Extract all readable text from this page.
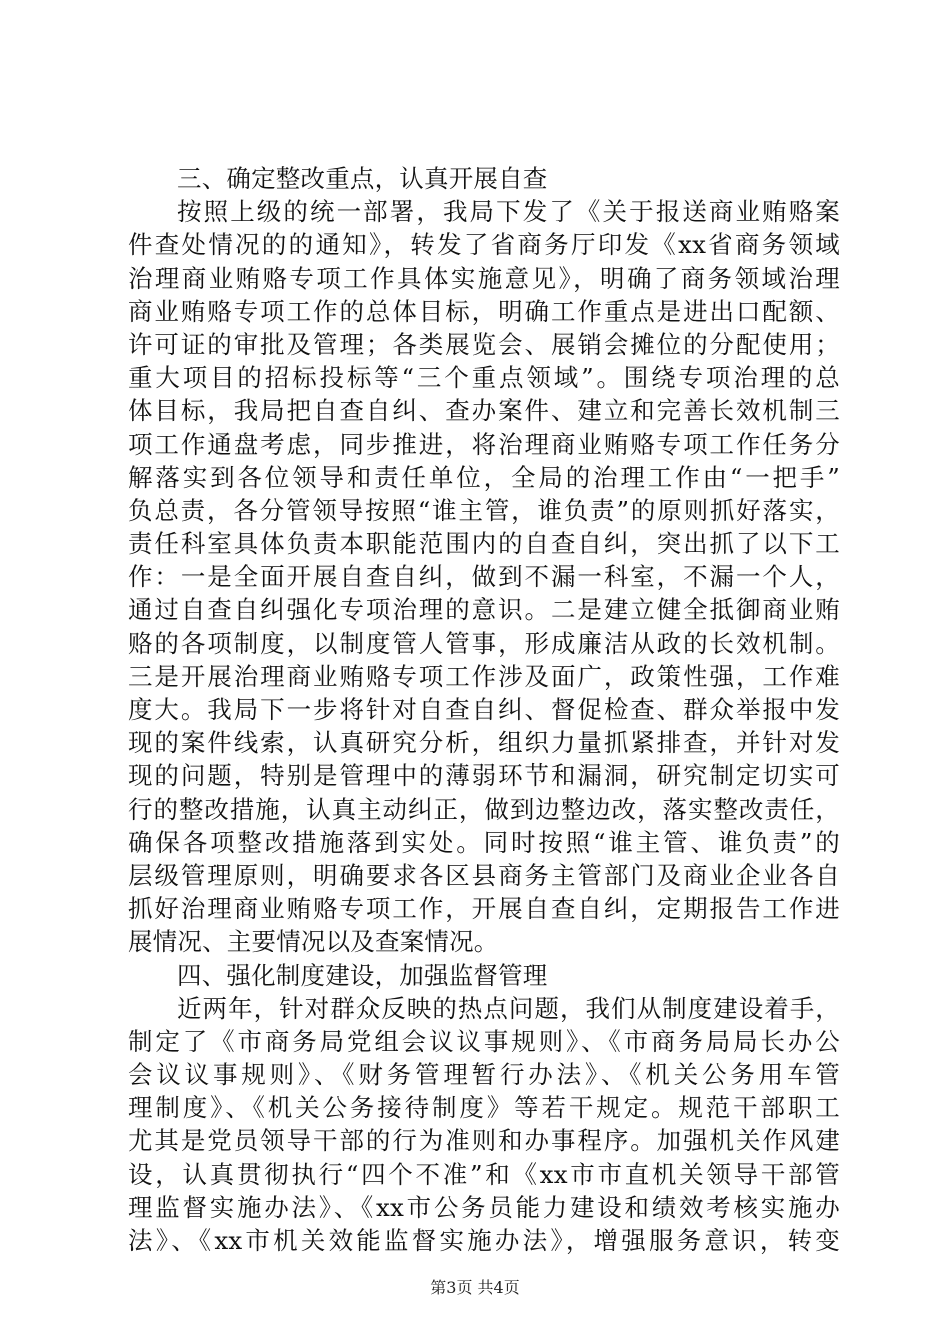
三、确定整改重点，认真开展自查
按照上级的统一部署，我局下发了《关于报送商业贿赂案
件查处情况的的通知》，转发了省商务厅印发《xx省商务领域
治理商业贿赂专项工作具体实施意见》，明确了商务领域治理
商业贿赂专项工作的总体目标，明确工作重点是进出口配额、
许可证的审批及管理；各类展览会、展销会摊位的分配使用；
重大项目的招标投标等“三个重点领域”。围绕专项治理的总
体目标，我局把自查自纠、查办案件、建立和完善长效机制三
项工作通盘考虑，同步推进，将治理商业贿赂专项工作任务分
解落实到各位领导和责任单位，全局的治理工作由“一把手”
负总责，各分管领导按照“谁主管，谁负责”的原则抓好落实，
责任科室具体负责本职能范围内的自查自纠，突出抓了以下工
作：一是全面开展自查自纠，做到不漏一科室，不漏一个人，
通过自查自纠强化专项治理的意识。二是建立健全抵御商业贿
赂的各项制度，以制度管人管事，形成廉洁从政的长效机制。
三是开展治理商业贿赂专项工作涉及面广，政策性强，工作难
度大。我局下一步将针对自查自纠、督促检查、群众举报中发
现的案件线索，认真研究分析，组织力量抓紧排查，并针对发
现的问题，特别是管理中的薄弱环节和漏洞，研究制定切实可
行的整改措施，认真主动纠正，做到边整边改，落实整改责任，
确保各项整改措施落到实处。同时按照“谁主管、谁负责”的
层级管理原则，明确要求各区县商务主管部门及商业企业各自
抓好治理商业贿赂专项工作，开展自查自纠，定期报告工作进
展情况、主要情况以及查案情况。
四、强化制度建设，加强监督管理
近两年，针对群众反映的热点问题，我们从制度建设着手，
制定了《市商务局党组会议议事规则》、《市商务局局长办公
会议议事规则》、《财务管理暂行办法》、《机关公务用车管
理制度》、《机关公务接待制度》等若干规定。规范干部职工
尤其是党员领导干部的行为准则和办事程序。加强机关作风建
设，认真贯彻执行“四个不准”和《xx市市直机关领导干部管
理监督实施办法》、《xx市公务员能力建设和绩效考核实施办
法》、《xx市机关效能监督实施办法》，增强服务意识，转变
第3页 共4页
